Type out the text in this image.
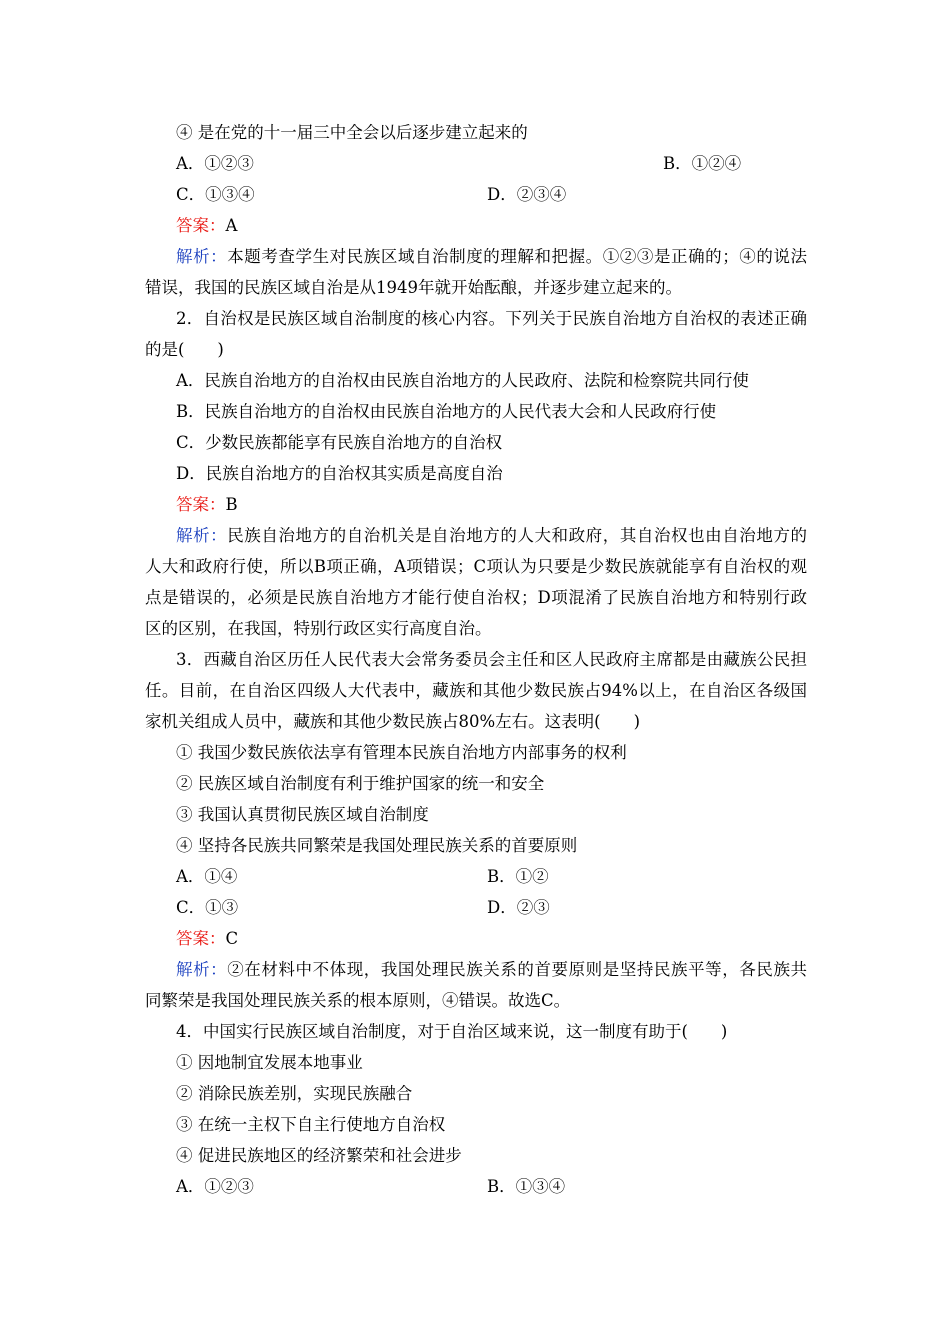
④ 是在党的十一届三中全会以后逐步建立起来的
A．①②③	B．①②④
C．①③④	D．②③④
答案：A
解析：本题考查学生对民族区域自治制度的理解和把握。①②③是正确的；④的说法
错误，我国的民族区域自治是从1949年就开始酝酿，并逐步建立起来的。
2．自治权是民族区域自治制度的核心内容。下列关于民族自治地方自治权的表述正确
的是(　　)
A．民族自治地方的自治权由民族自治地方的人民政府、法院和检察院共同行使
B．民族自治地方的自治权由民族自治地方的人民代表大会和人民政府行使
C．少数民族都能享有民族自治地方的自治权
D．民族自治地方的自治权其实质是高度自治
答案：B
解析：民族自治地方的自治机关是自治地方的人大和政府，其自治权也由自治地方的
人大和政府行使，所以B项正确，A项错误；C项认为只要是少数民族就能享有自治权的观
点是错误的，必须是民族自治地方才能行使自治权；D项混淆了民族自治地方和特别行政
区的区别，在我国，特别行政区实行高度自治。
3．西藏自治区历任人民代表大会常务委员会主任和区人民政府主席都是由藏族公民担
任。目前，在自治区四级人大代表中，藏族和其他少数民族占94%以上，在自治区各级国
家机关组成人员中，藏族和其他少数民族占80%左右。这表明(　　)
① 我国少数民族依法享有管理本民族自治地方内部事务的权利
② 民族区域自治制度有利于维护国家的统一和安全
③ 我国认真贯彻民族区域自治制度
④ 坚持各民族共同繁荣是我国处理民族关系的首要原则
A．①④	B．①②
C．①③	D．②③
答案：C
解析：②在材料中不体现，我国处理民族关系的首要原则是坚持民族平等，各民族共
同繁荣是我国处理民族关系的根本原则，④错误。故选C。
4．中国实行民族区域自治制度，对于自治区域来说，这一制度有助于(　　)
① 因地制宜发展本地事业
② 消除民族差别，实现民族融合
③ 在统一主权下自主行使地方自治权
④ 促进民族地区的经济繁荣和社会进步
A．①②③	B．①③④
